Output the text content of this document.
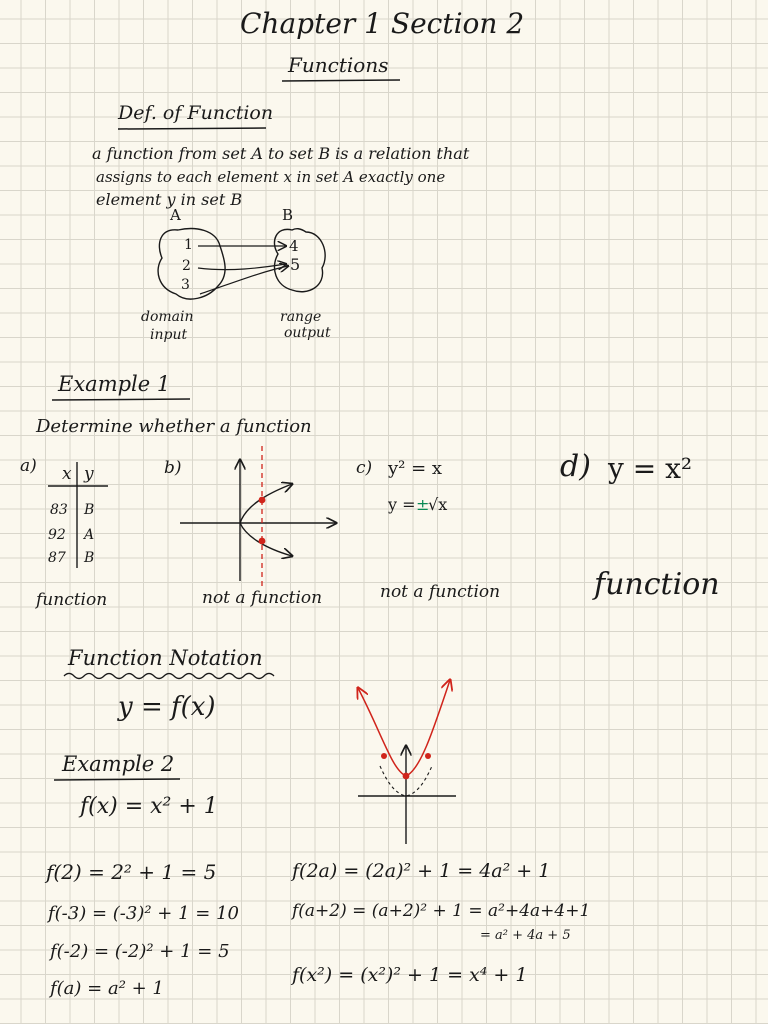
Chapter 1 Section 2
Functions
Def. of Function
a function from set A to set B is a relation that
assigns to each element x in set A exactly one
element y in set B
A	B
1
2
3
4
5
domain
input
range
output
Example 1
Determine whether a function
a) x y
83 B
92 A
87 B
function
b)
not a function
c) y² = x
y = ±
√x
not a function
d) y = x²
function
Function Notation
y = f(x)
Example 2
f(x) = x² + 1
f(2) = 2² + 1 = 5
f(-3) = (-3)² + 1 = 10
f(-2) = (-2)² + 1 = 5
f(a) = a² + 1
f(2a) = (2a)² + 1 = 4a² + 1
f(a+2) = (a+2)² + 1 = a²+4a+4+1
= a² + 4a + 5
f(x²) = (x²)² + 1 = x⁴ + 1
